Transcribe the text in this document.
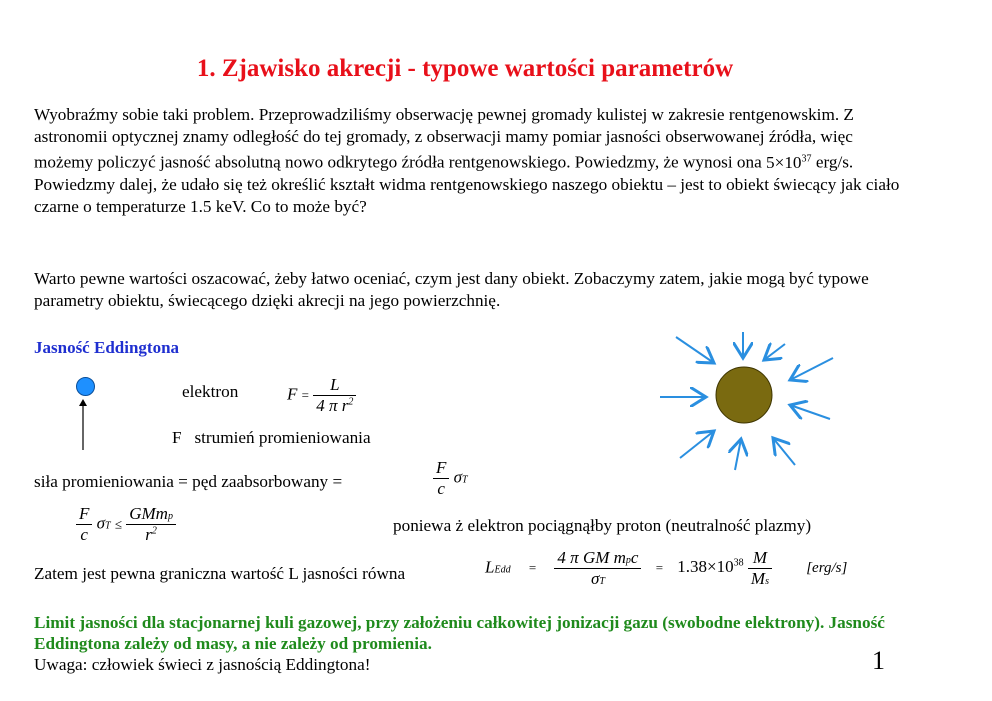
1. Zjawisko akrecji - typowe wartości parametrów
Wyobraźmy sobie taki problem. Przeprowadziliśmy obserwację pewnej gromady kulistej w zakresie rentgenowskim. Z astronomii optycznej znamy odległość do tej gromady, z obserwacji mamy pomiar jasności obserwowanej źródła, więc możemy policzyć jasność absolutną nowo odkrytego źródła rentgenowskiego. Powiedzmy, że wynosi ona $5\times 10^{37}$ erg/s. Powiedzmy dalej, że udało się też określić kształt widma rentgenowskiego naszego obiektu – jest to obiekt świecący jak ciało czarne o temperaturze 1.5 keV. Co to może być?
Warto pewne wartości oszacować, żeby łatwo oceniać, czym jest dany obiekt. Zobaczymy zatem, jakie mogą być typowe parametry obiektu, świecącego dzięki akrecji na jego powierzchnię.
Jasność Eddingtona
elektron	$F = \frac{L}{4 \pi r^2}$
F strumień promieniowania
siła promieniowania = pęd zaabsorbowany =	$\frac{F}{c}$ σT
$\frac{F}{c}$ $\sigma T \le \frac{\text{GMmp}}{r^2}$	poniewa ż elektron pociągnąłby proton (neutralność plazmy)
Zatem jest pewna graniczna wartość L jasności równa	LEdd = $\frac{\text{4 π GM mpc}}{\sigma T} = 1.38\times 10^{38} \frac{M}{Ms} [erg/s]$
Limit jasności dla stacjonarnej kuli gazowej, przy założeniu całkowitej jonizacji gazu (swobodne elektrony). Jasność Eddingtona zależy od masy, a nie zależy od promienia.
Uwaga: człowiek świeci z jasnością Eddingtona!	1
